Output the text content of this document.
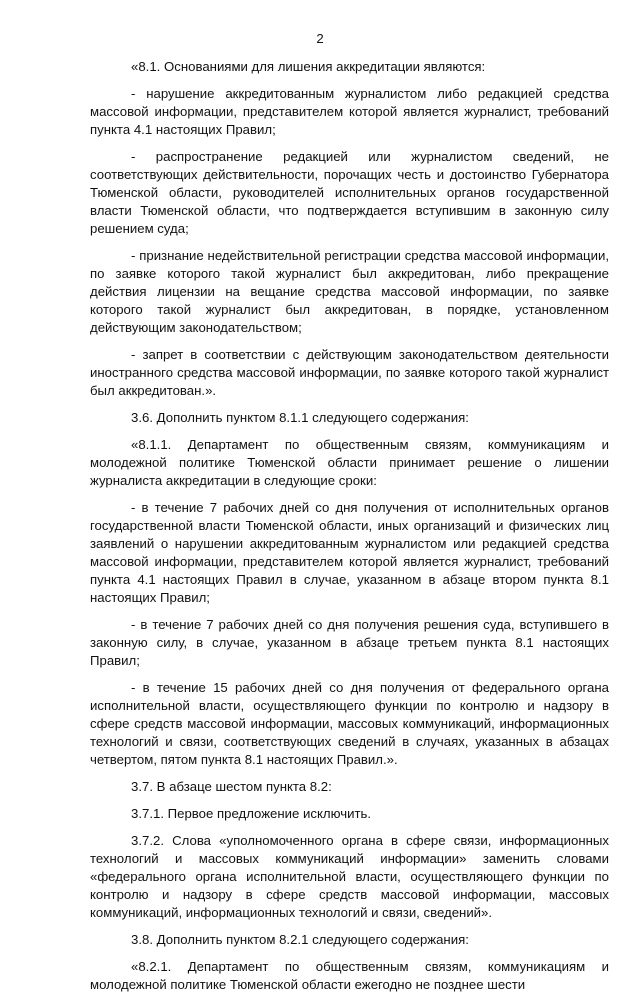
2

«8.1. Основаниями для лишения аккредитации являются:

- нарушение аккредитованным журналистом либо редакцией средства массовой информации, представителем которой является журналист, требований пункта 4.1 настоящих Правил;

- распространение редакцией или журналистом сведений, не соответствующих действительности, порочащих честь и достоинство Губернатора Тюменской области, руководителей исполнительных органов государственной власти Тюменской области, что подтверждается вступившим в законную силу решением суда;

- признание недействительной регистрации средства массовой информации, по заявке которого такой журналист был аккредитован, либо прекращение действия лицензии на вещание средства массовой информации, по заявке которого такой журналист был аккредитован, в порядке, установленном действующим законодательством;

- запрет в соответствии с действующим законодательством деятельности иностранного средства массовой информации, по заявке которого такой журналист был аккредитован.».

3.6. Дополнить пунктом 8.1.1 следующего содержания:

«8.1.1. Департамент по общественным связям, коммуникациям и молодежной политике Тюменской области принимает решение о лишении журналиста аккредитации в следующие сроки:

- в течение 7 рабочих дней со дня получения от исполнительных органов государственной власти Тюменской области, иных организаций и физических лиц заявлений о нарушении аккредитованным журналистом или редакцией средства массовой информации, представителем которой является журналист, требований пункта 4.1 настоящих Правил в случае, указанном в абзаце втором пункта 8.1 настоящих Правил;

- в течение 7 рабочих дней со дня получения решения суда, вступившего в законную силу, в случае, указанном в абзаце третьем пункта 8.1 настоящих Правил;

- в течение 15 рабочих дней со дня получения от федерального органа исполнительной власти, осуществляющего функции по контролю и надзору в сфере средств массовой информации, массовых коммуникаций, информационных технологий и связи, соответствующих сведений в случаях, указанных в абзацах четвертом, пятом пункта 8.1 настоящих Правил.».

3.7. В абзаце шестом пункта 8.2:

3.7.1. Первое предложение исключить.

3.7.2. Слова «уполномоченного органа в сфере связи, информационных технологий и массовых коммуникаций информации» заменить словами «федерального органа исполнительной власти, осуществляющего функции по контролю и надзору в сфере средств массовой информации, массовых коммуникаций, информационных технологий и связи, сведений».

3.8. Дополнить пунктом 8.2.1 следующего содержания:

«8.2.1. Департамент по общественным связям, коммуникациям и молодежной политике Тюменской области ежегодно не позднее шести
